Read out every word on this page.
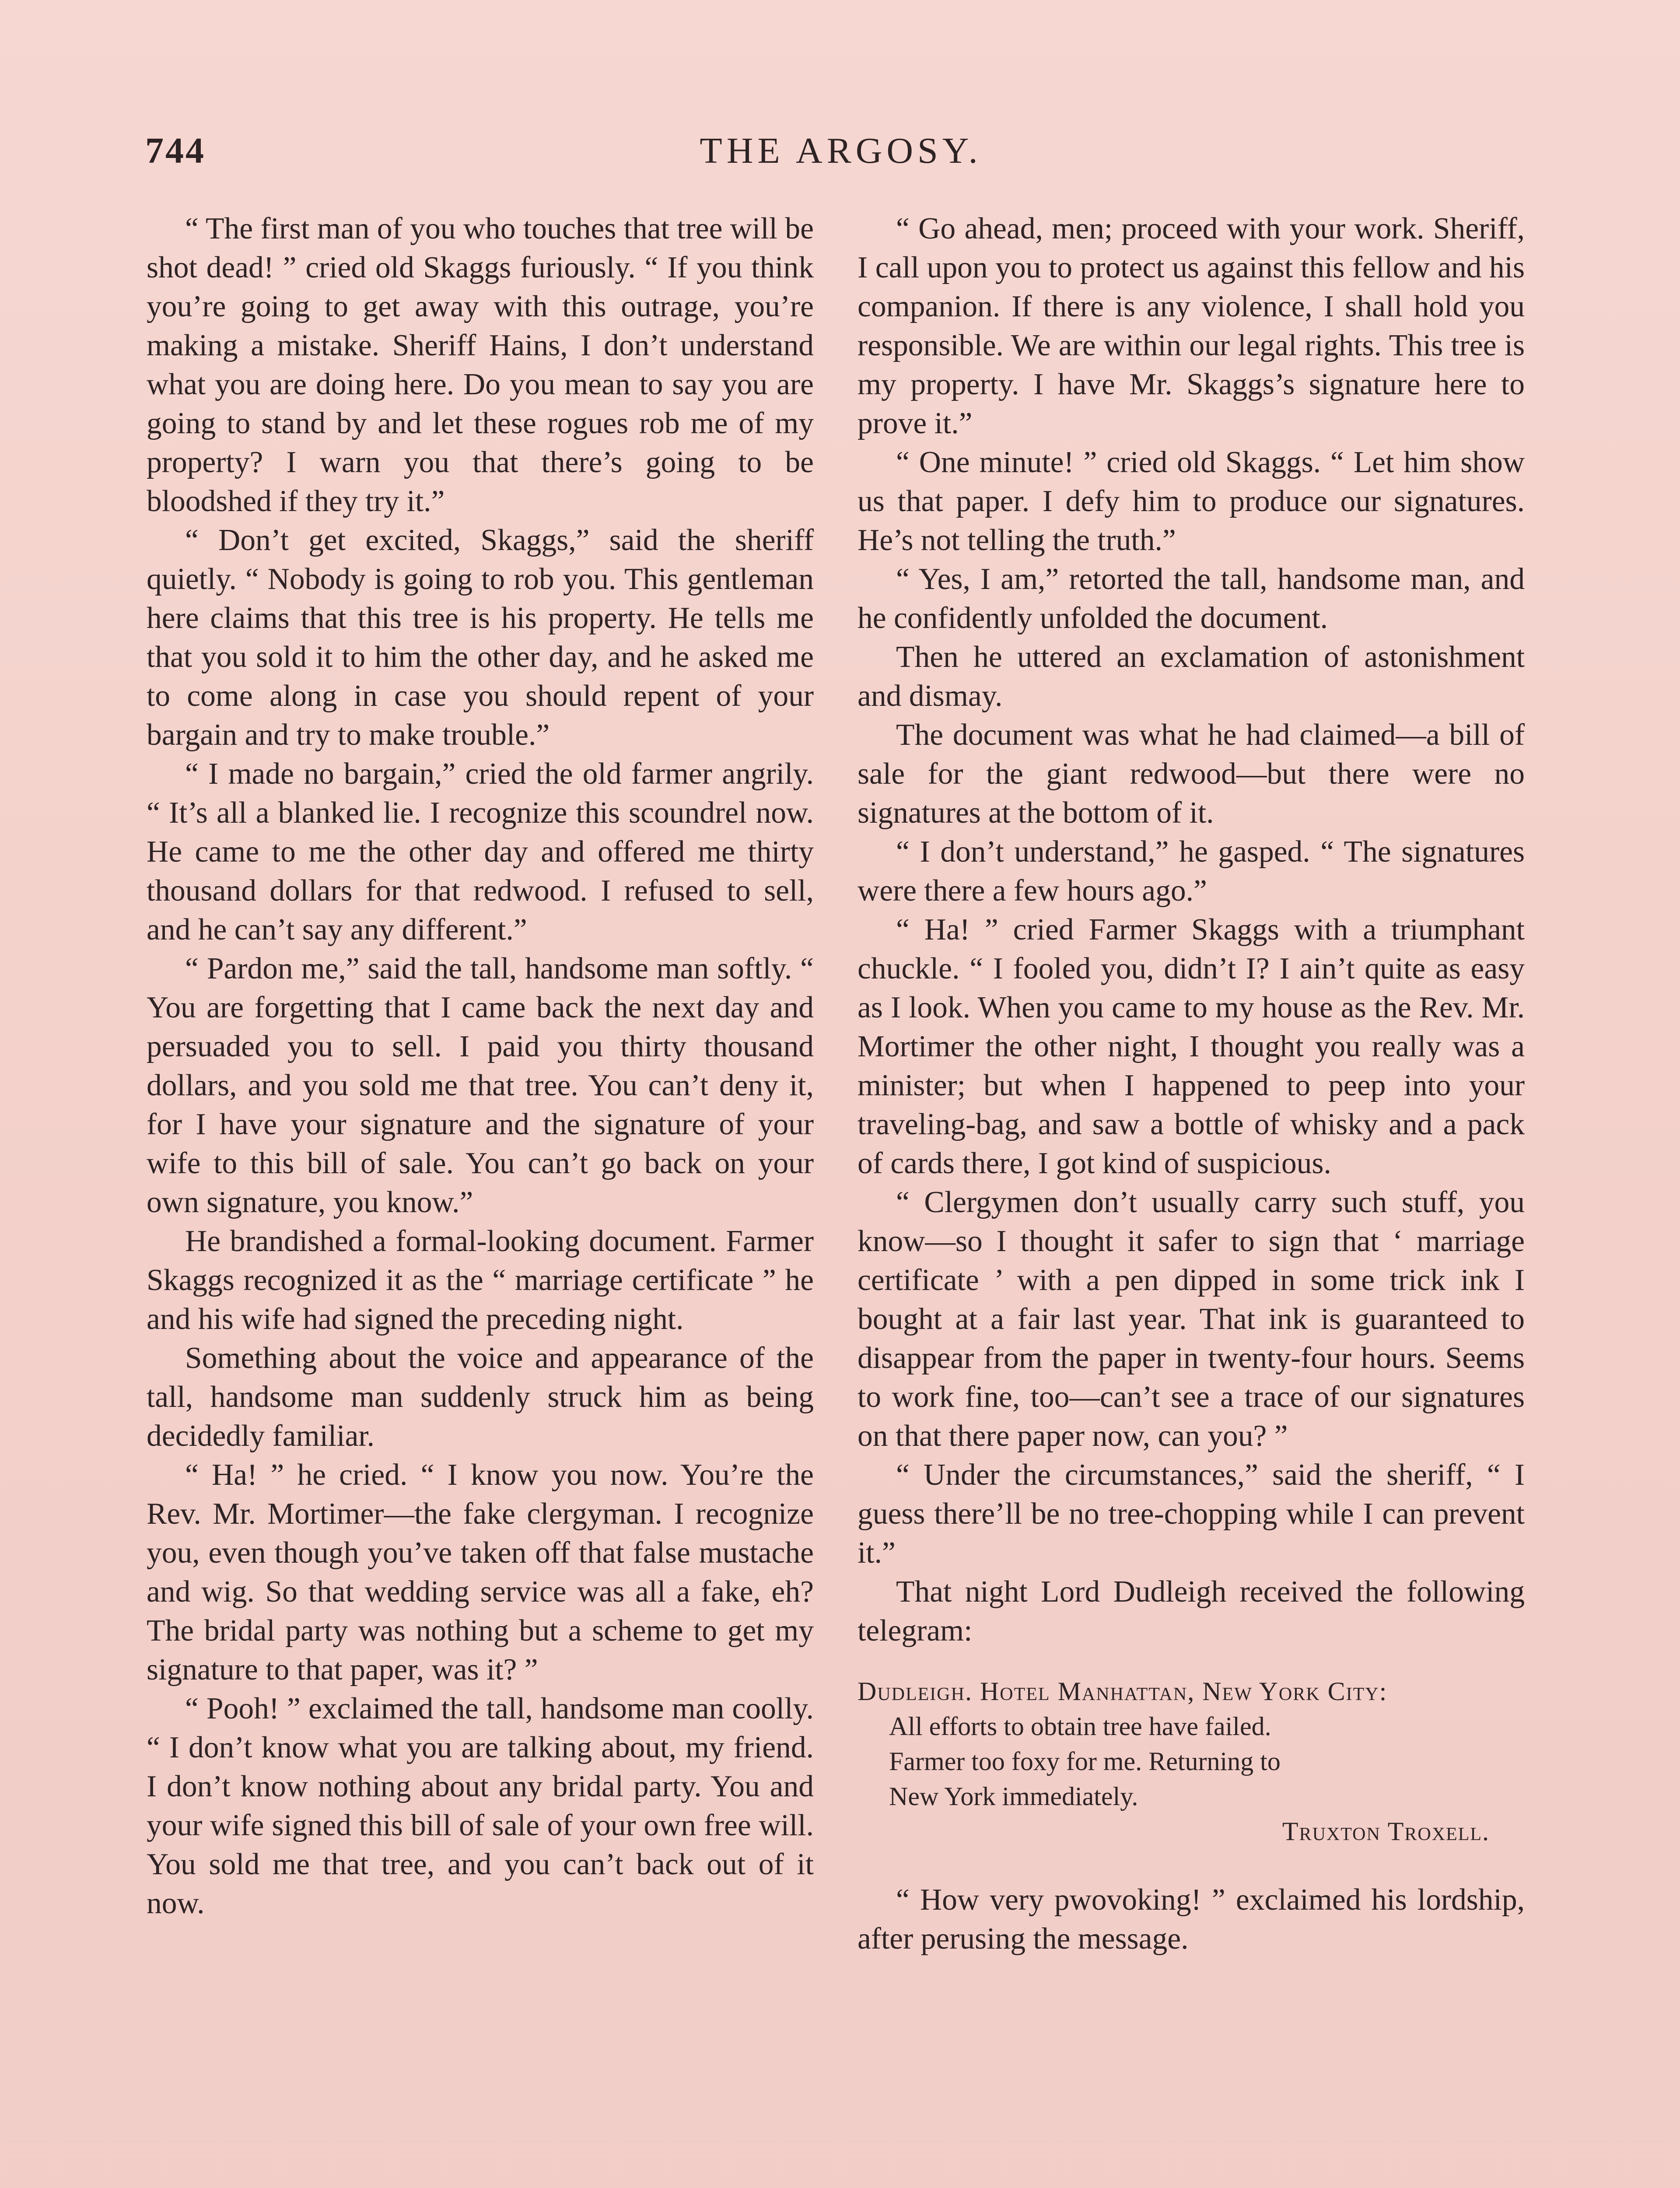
744	THE ARGOSY.

“ The first man of you who touches that tree will be shot dead! ” cried old Skaggs furiously. “ If you think you’re going to get away with this outrage, you’re making a mistake. Sheriff Hains, I don’t understand what you are doing here. Do you mean to say you are going to stand by and let these rogues rob me of my property? I warn you that there’s going to be bloodshed if they try it.”

“ Don’t get excited, Skaggs,” said the sheriff quietly. “ Nobody is going to rob you. This gentleman here claims that this tree is his property. He tells me that you sold it to him the other day, and he asked me to come along in case you should repent of your bargain and try to make trouble.”

“ I made no bargain,” cried the old farmer angrily. “ It’s all a blanked lie. I recognize this scoundrel now. He came to me the other day and offered me thirty thousand dollars for that redwood. I refused to sell, and he can’t say any different.”

“ Pardon me,” said the tall, handsome man softly. “ You are forgetting that I came back the next day and persuaded you to sell. I paid you thirty thousand dollars, and you sold me that tree. You can’t deny it, for I have your signature and the signature of your wife to this bill of sale. You can’t go back on your own signature, you know.”

He brandished a formal-looking document. Farmer Skaggs recognized it as the “ marriage certificate ” he and his wife had signed the preceding night.

Something about the voice and appearance of the tall, handsome man suddenly struck him as being decidedly familiar.

“ Ha! ” he cried. “ I know you now. You’re the Rev. Mr. Mortimer—the fake clergyman. I recognize you, even though you’ve taken off that false mustache and wig. So that wedding service was all a fake, eh? The bridal party was nothing but a scheme to get my signature to that paper, was it? ”

“ Pooh! ” exclaimed the tall, handsome man coolly. “ I don’t know what you are talking about, my friend. I don’t know nothing about any bridal party. You and your wife signed this bill of sale of your own free will. You sold me that tree, and you can’t back out of it now.

“ Go ahead, men; proceed with your work. Sheriff, I call upon you to protect us against this fellow and his companion. If there is any violence, I shall hold you responsible. We are within our legal rights. This tree is my property. I have Mr. Skaggs’s signature here to prove it.”

“ One minute! ” cried old Skaggs. “ Let him show us that paper. I defy him to produce our signatures. He’s not telling the truth.”

“ Yes, I am,” retorted the tall, handsome man, and he confidently unfolded the document.

Then he uttered an exclamation of astonishment and dismay.

The document was what he had claimed—a bill of sale for the giant redwood—but there were no signatures at the bottom of it.

“ I don’t understand,” he gasped. “ The signatures were there a few hours ago.”

“ Ha! ” cried Farmer Skaggs with a triumphant chuckle. “ I fooled you, didn’t I? I ain’t quite as easy as I look. When you came to my house as the Rev. Mr. Mortimer the other night, I thought you really was a minister; but when I happened to peep into your traveling-bag, and saw a bottle of whisky and a pack of cards there, I got kind of suspicious.

“ Clergymen don’t usually carry such stuff, you know—so I thought it safer to sign that ‘ marriage certificate ’ with a pen dipped in some trick ink I bought at a fair last year. That ink is guaranteed to disappear from the paper in twenty-four hours. Seems to work fine, too—can’t see a trace of our signatures on that there paper now, can you? ”

“ Under the circumstances,” said the sheriff, “ I guess there’ll be no tree-chopping while I can prevent it.”

That night Lord Dudleigh received the following telegram:

Dudleigh. Hotel Manhattan, New York City:

All efforts to obtain tree have failed.

Farmer too foxy for me. Returning to

New York immediately.

Truxton Troxell.

“ How very pwovoking! ” exclaimed his lordship, after perusing the message.
